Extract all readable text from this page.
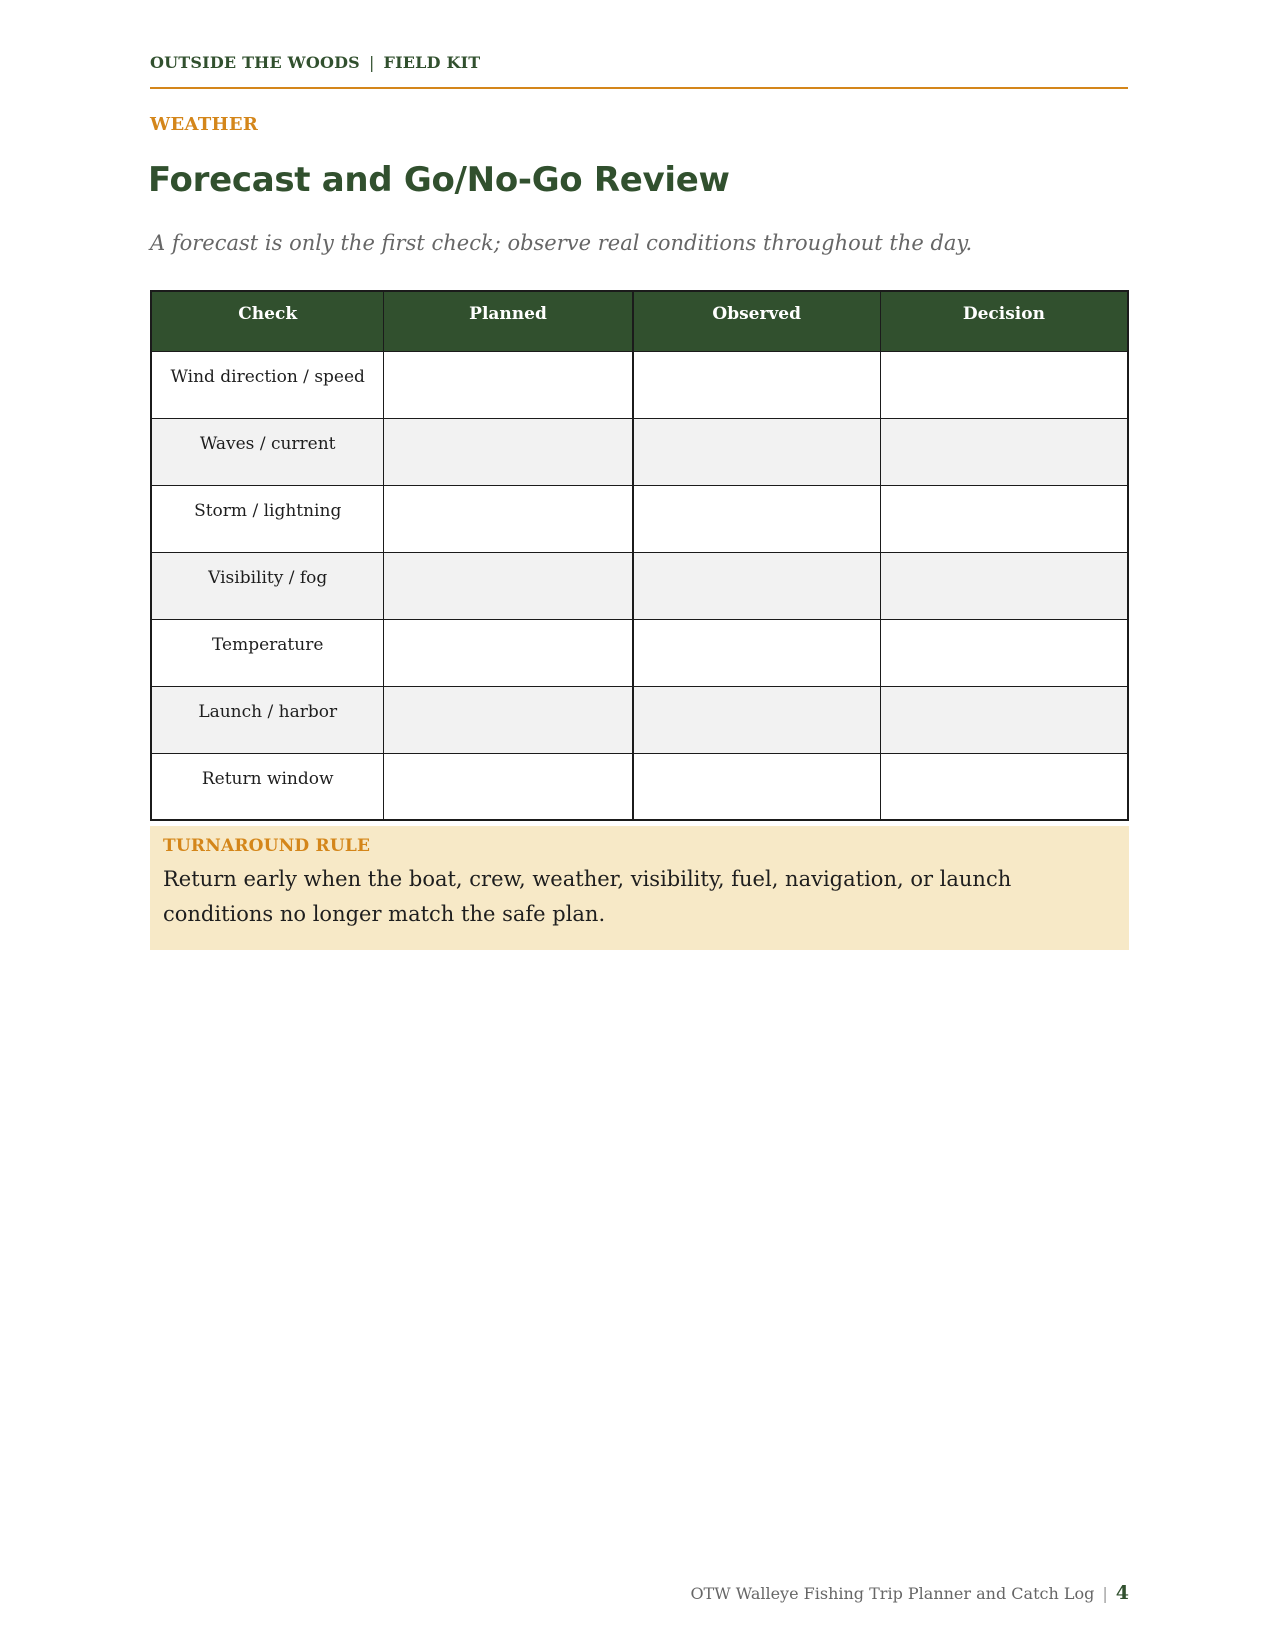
OUTSIDE THE WOODS | FIELD KIT
WEATHER
Forecast and Go/No-Go Review
A forecast is only the first check; observe real conditions throughout the day.
Check	Planned	Observed	Decision
Wind direction / speed			
Waves / current			
Storm / lightning			
Visibility / fog			
Temperature			
Launch / harbor			
Return window			
TURNAROUND RULE
Return early when the boat, crew, weather, visibility, fuel, navigation, or launch conditions no longer match the safe plan.
OTW Walleye Fishing Trip Planner and Catch Log | 4
